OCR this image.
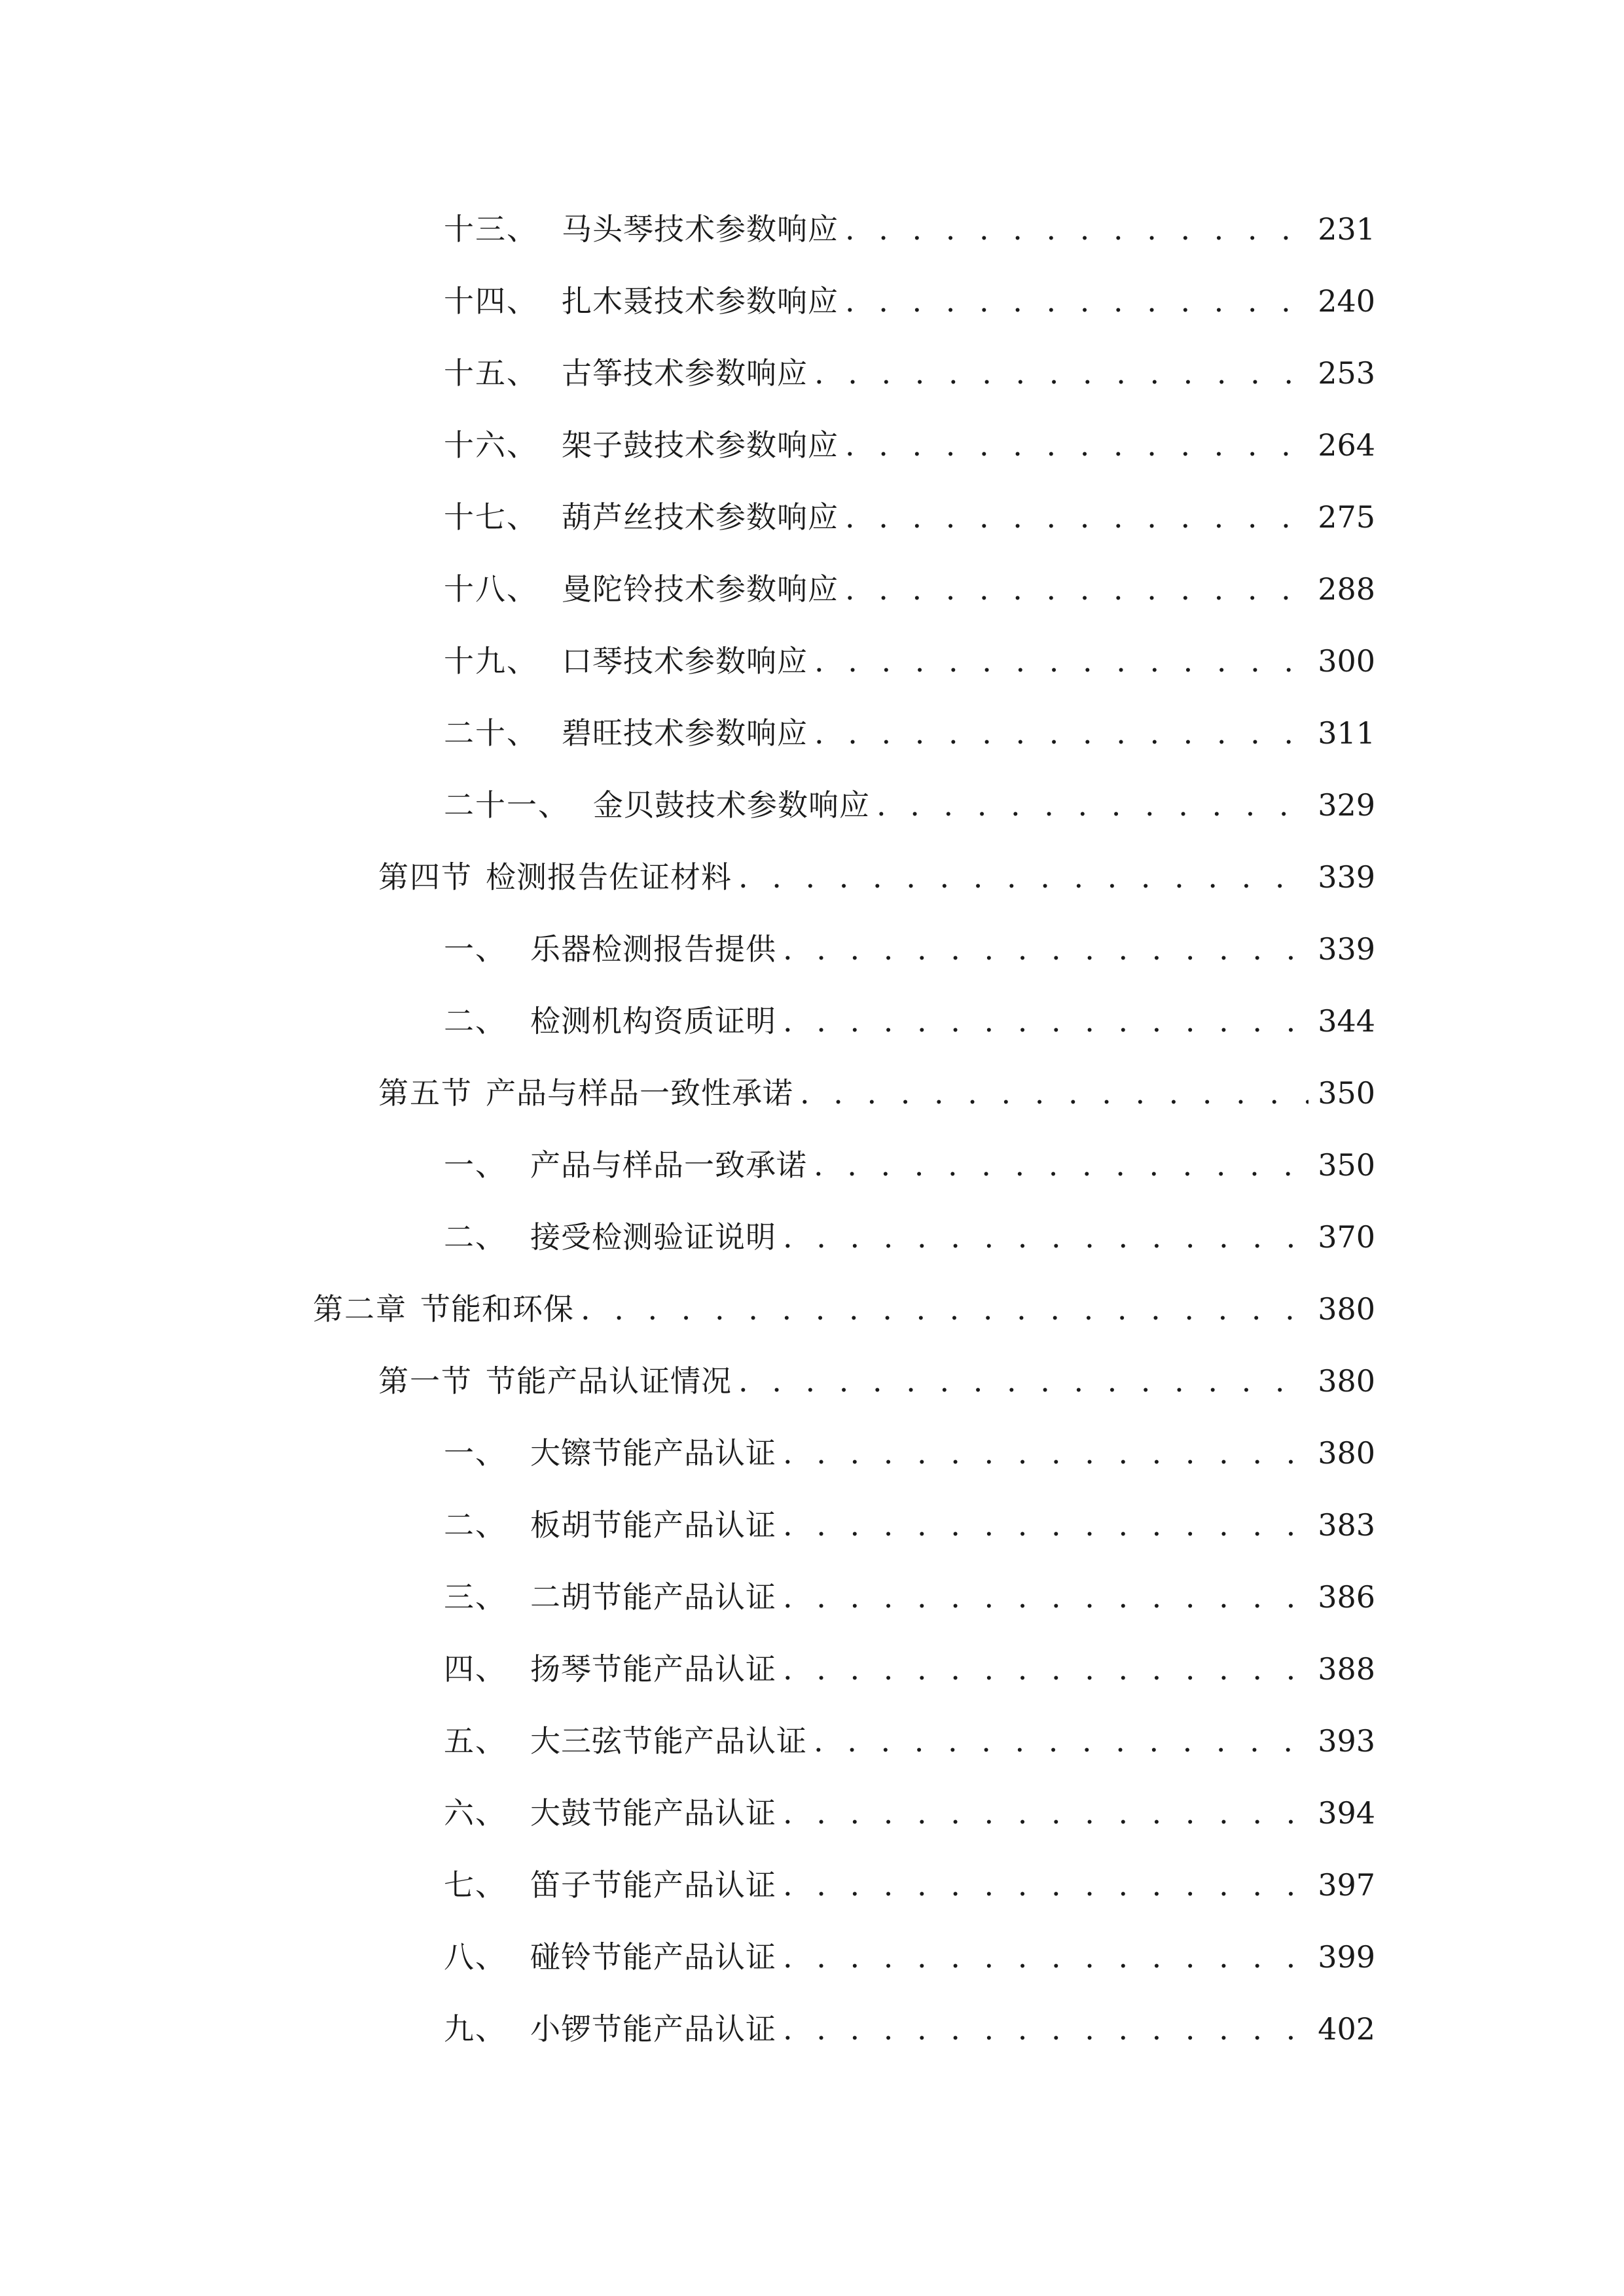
十三、 马头琴技术参数响应 . . .	231
十四、 扎木聂技术参数响应 . . .	240
十五、 古筝技术参数响应 . . .	253
十六、 架子鼓技术参数响应 . . .	264
十七、 葫芦丝技术参数响应 . . .	275
十八、 曼陀铃技术参数响应 . . .	288
十九、 口琴技术参数响应 . . .	300
二十、 碧旺技术参数响应 . . .	311
二十一、 金贝鼓技术参数响应 . . .	329
第四节 检测报告佐证材料 . . .	339
一、 乐器检测报告提供 . . .	339
二、 检测机构资质证明 . . .	344
第五节 产品与样品一致性承诺 . . .	350
一、 产品与样品一致承诺 . . .	350
二、 接受检测验证说明 . . .	370
第二章 节能和环保 . . .	380
第一节 节能产品认证情况 . . .	380
一、 大镲节能产品认证 . . .	380
二、 板胡节能产品认证 . . .	383
三、 二胡节能产品认证 . . .	386
四、 扬琴节能产品认证 . . .	388
五、 大三弦节能产品认证 . . .	393
六、 大鼓节能产品认证 . . .	394
七、 笛子节能产品认证 . . .	397
八、 碰铃节能产品认证 . . .	399
九、 小锣节能产品认证 . . .	402
